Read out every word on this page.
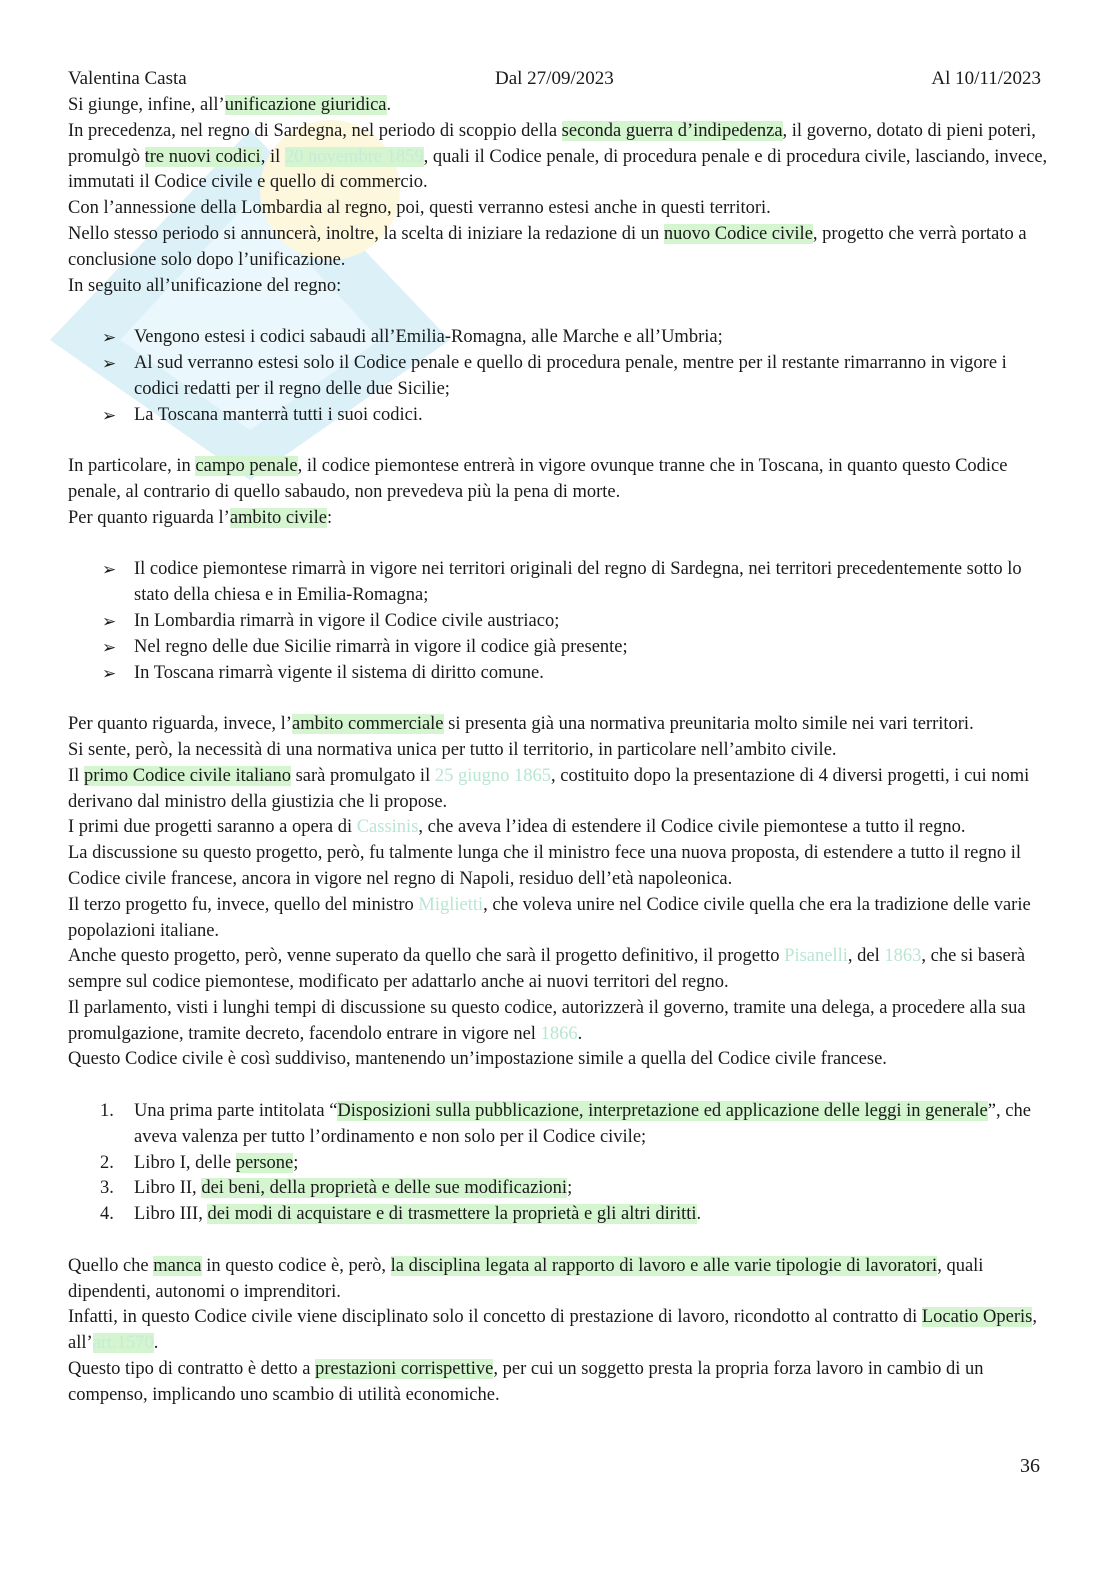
Valentina Casta	Dal 27/09/2023	Al 10/11/2023

Si giunge, infine, all’unificazione giuridica.

In precedenza, nel regno di Sardegna, nel periodo di scoppio della seconda guerra d’indipedenza, il governo, dotato di pieni poteri, promulgò tre nuovi codici, il 20 novembre 1859, quali il Codice penale, di procedura penale e di procedura civile, lasciando, invece, immutati il Codice civile e quello di commercio.

Con l’annessione della Lombardia al regno, poi, questi verranno estesi anche in questi territori.

Nello stesso periodo si annuncerà, inoltre, la scelta di iniziare la redazione di un nuovo Codice civile, progetto che verrà portato a conclusione solo dopo l’unificazione.

In seguito all’unificazione del regno:

➢ Vengono estesi i codici sabaudi all’Emilia-Romagna, alle Marche e all’Umbria;
➢ Al sud verranno estesi solo il Codice penale e quello di procedura penale, mentre per il restante rimarranno in vigore i codici redatti per il regno delle due Sicilie;
➢ La Toscana manterrà tutti i suoi codici.

In particolare, in campo penale, il codice piemontese entrerà in vigore ovunque tranne che in Toscana, in quanto questo Codice penale, al contrario di quello sabaudo, non prevedeva più la pena di morte.

Per quanto riguarda l’ambito civile:

➢ Il codice piemontese rimarrà in vigore nei territori originali del regno di Sardegna, nei territori precedentemente sotto lo stato della chiesa e in Emilia-Romagna;
➢ In Lombardia rimarrà in vigore il Codice civile austriaco;
➢ Nel regno delle due Sicilie rimarrà in vigore il codice già presente;
➢ In Toscana rimarrà vigente il sistema di diritto comune.

Per quanto riguarda, invece, l’ambito commerciale si presenta già una normativa preunitaria molto simile nei vari territori.

Si sente, però, la necessità di una normativa unica per tutto il territorio, in particolare nell’ambito civile.

Il primo Codice civile italiano sarà promulgato il 25 giugno 1865, costituito dopo la presentazione di 4 diversi progetti, i cui nomi derivano dal ministro della giustizia che li propose.

I primi due progetti saranno a opera di Cassinis, che aveva l’idea di estendere il Codice civile piemontese a tutto il regno.

La discussione su questo progetto, però, fu talmente lunga che il ministro fece una nuova proposta, di estendere a tutto il regno il Codice civile francese, ancora in vigore nel regno di Napoli, residuo dell’età napoleonica.

Il terzo progetto fu, invece, quello del ministro Miglietti, che voleva unire nel Codice civile quella che era la tradizione delle varie popolazioni italiane.

Anche questo progetto, però, venne superato da quello che sarà il progetto definitivo, il progetto Pisanelli, del 1863, che si baserà sempre sul codice piemontese, modificato per adattarlo anche ai nuovi territori del regno.

Il parlamento, visti i lunghi tempi di discussione su questo codice, autorizzerà il governo, tramite una delega, a procedere alla sua promulgazione, tramite decreto, facendolo entrare in vigore nel 1866.

Questo Codice civile è così suddiviso, mantenendo un’impostazione simile a quella del Codice civile francese.

1. Una prima parte intitolata “Disposizioni sulla pubblicazione, interpretazione ed applicazione delle leggi in generale”, che aveva valenza per tutto l’ordinamento e non solo per il Codice civile;
2. Libro I, delle persone;
3. Libro II, dei beni, della proprietà e delle sue modificazioni;
4. Libro III, dei modi di acquistare e di trasmettere la proprietà e gli altri diritti.

Quello che manca in questo codice è, però, la disciplina legata al rapporto di lavoro e alle varie tipologie di lavoratori, quali dipendenti, autonomi o imprenditori.

Infatti, in questo Codice civile viene disciplinato solo il concetto di prestazione di lavoro, ricondotto al contratto di Locatio Operis, all’art.1570.

Questo tipo di contratto è detto a prestazioni corrispettive, per cui un soggetto presta la propria forza lavoro in cambio di un compenso, implicando uno scambio di utilità economiche.

36
